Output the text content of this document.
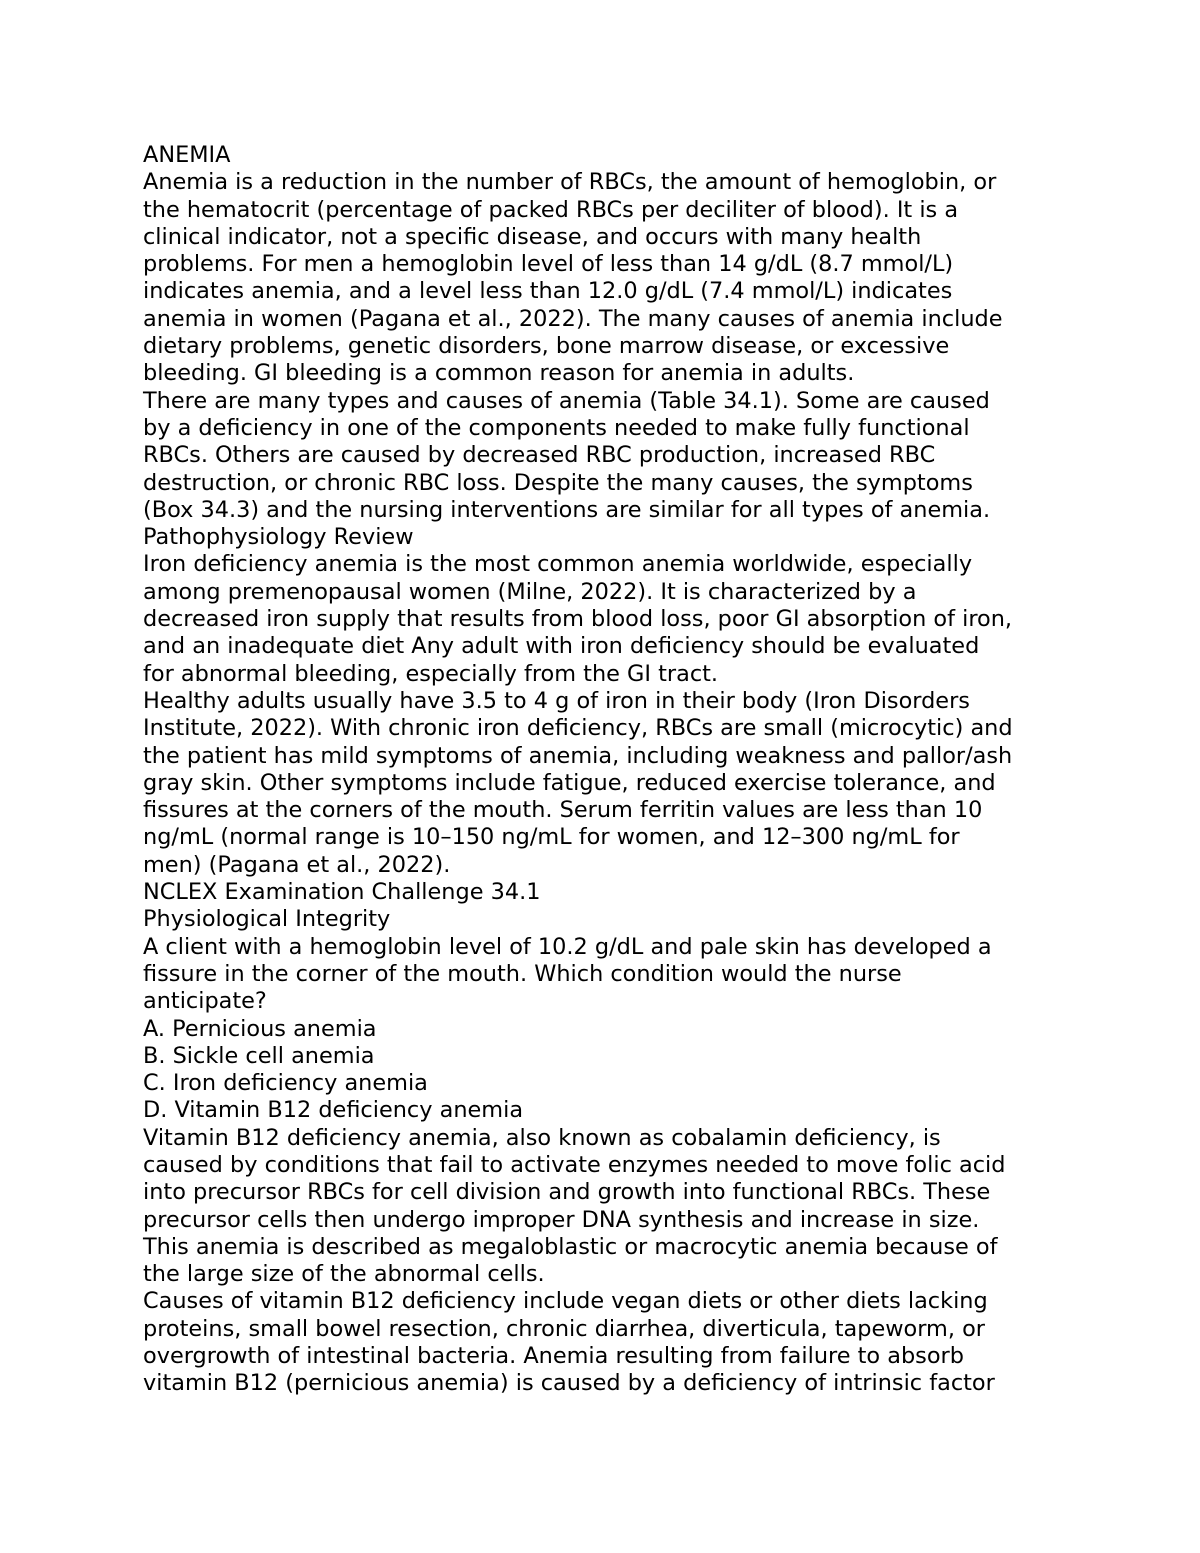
ANEMIA
Anemia is a reduction in the number of RBCs, the amount of hemoglobin, or
the hematocrit (percentage of packed RBCs per deciliter of blood). It is a
clinical indicator, not a specific disease, and occurs with many health
problems. For men a hemoglobin level of less than 14 g/dL (8.7 mmol/L)
indicates anemia, and a level less than 12.0 g/dL (7.4 mmol/L) indicates
anemia in women (Pagana et al., 2022). The many causes of anemia include
dietary problems, genetic disorders, bone marrow disease, or excessive
bleeding. GI bleeding is a common reason for anemia in adults.
There are many types and causes of anemia (Table 34.1). Some are caused
by a deficiency in one of the components needed to make fully functional
RBCs. Others are caused by decreased RBC production, increased RBC
destruction, or chronic RBC loss. Despite the many causes, the symptoms
(Box 34.3) and the nursing interventions are similar for all types of anemia.
Pathophysiology Review
Iron deficiency anemia is the most common anemia worldwide, especially
among premenopausal women (Milne, 2022). It is characterized by a
decreased iron supply that results from blood loss, poor GI absorption of iron,
and an inadequate diet Any adult with iron deficiency should be evaluated
for abnormal bleeding, especially from the GI tract.
Healthy adults usually have 3.5 to 4 g of iron in their body (Iron Disorders
Institute, 2022). With chronic iron deficiency, RBCs are small (microcytic) and
the patient has mild symptoms of anemia, including weakness and pallor/ash
gray skin. Other symptoms include fatigue, reduced exercise tolerance, and
fissures at the corners of the mouth. Serum ferritin values are less than 10
ng/mL (normal range is 10–150 ng/mL for women, and 12–300 ng/mL for
men) (Pagana et al., 2022).
NCLEX Examination Challenge 34.1
Physiological Integrity
A client with a hemoglobin level of 10.2 g/dL and pale skin has developed a
fissure in the corner of the mouth. Which condition would the nurse
anticipate?
A. Pernicious anemia
B. Sickle cell anemia
C. Iron deficiency anemia
D. Vitamin B12 deficiency anemia
Vitamin B12 deficiency anemia, also known as cobalamin deficiency, is
caused by conditions that fail to activate enzymes needed to move folic acid
into precursor RBCs for cell division and growth into functional RBCs. These
precursor cells then undergo improper DNA synthesis and increase in size.
This anemia is described as megaloblastic or macrocytic anemia because of
the large size of the abnormal cells.
Causes of vitamin B12 deficiency include vegan diets or other diets lacking
proteins, small bowel resection, chronic diarrhea, diverticula, tapeworm, or
overgrowth of intestinal bacteria. Anemia resulting from failure to absorb
vitamin B12 (pernicious anemia) is caused by a deficiency of intrinsic factor
